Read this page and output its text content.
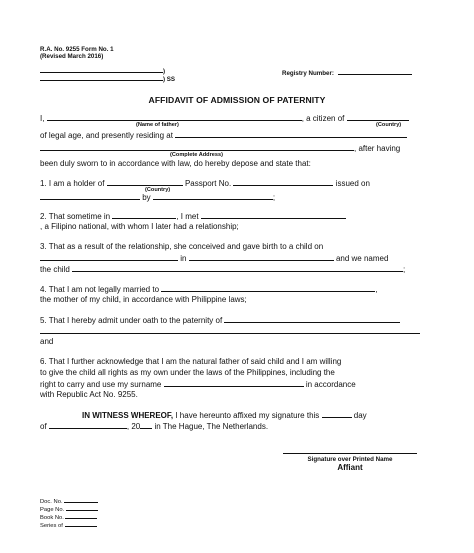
R.A. No. 9255 Form No. 1
(Revised March 2016)
)
) SS
Registry Number:
AFFIDAVIT OF ADMISSION OF PATERNITY
I,	, a citizen of
(Name of father)	(Country)
of legal age, and presently residing at
, after having
(Complete Address)
been duly sworn to in accordance with law, do hereby depose and state that:
1. I am a holder of	Passport No.	issued on
(Country)
by	;
2. That sometime in	, I met
, a Filipino national, with whom I later had a relationship;
3. That as a result of the relationship, she conceived and gave birth to a child on
in	and we named
the child	;
4. That I am not legally married to	,
the mother of my child, in accordance with Philippine laws;
5. That I hereby admit under oath to the paternity of
and
6. That I further acknowledge that I am the natural father of said child and I am willing
to give the child all rights as my own under the laws of the Philippines, including the
right to carry and use my surname	in accordance
with Republic Act No. 9255.
IN WITNESS WHEREOF, I have hereunto affixed my signature this	day
of	, 20 in The Hague, The Netherlands.
Signature over Printed Name
Affiant
Doc. No.
Page No.
Book No.
Series of
